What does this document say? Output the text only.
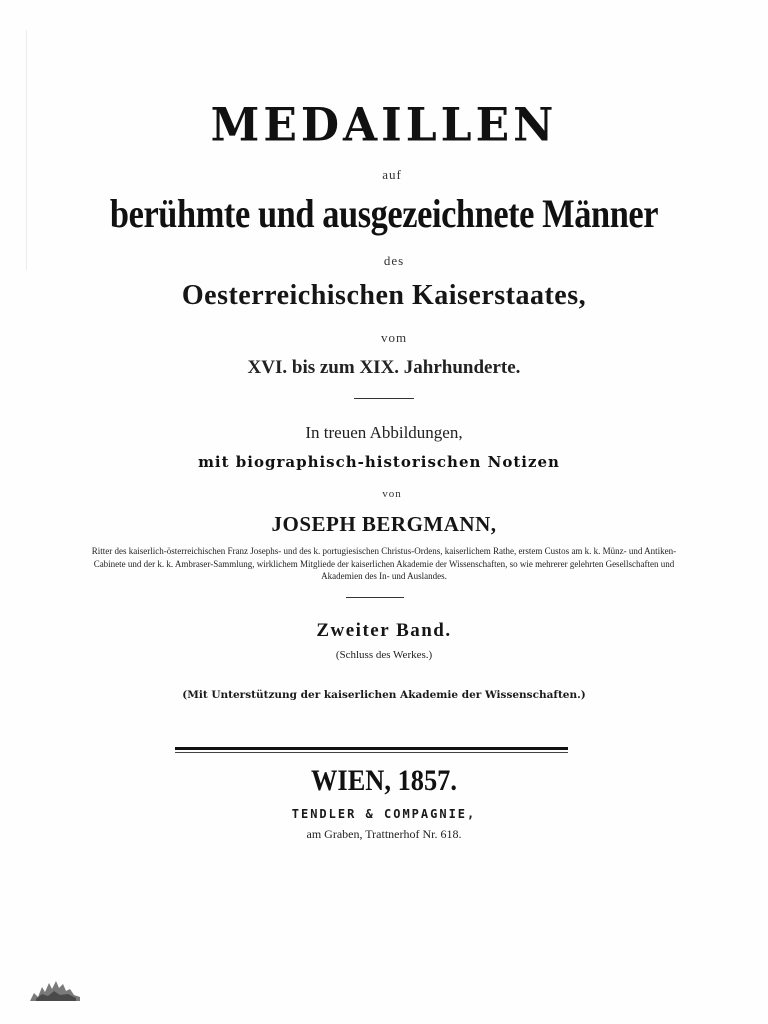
MEDAILLEN
auf
berühmte und ausgezeichnete Männer
des
Oesterreichischen Kaiserstaates,
vom
XVI. bis zum XIX. Jahrhunderte.
In treuen Abbildungen,
mit biographisch-historischen Notizen
von
JOSEPH BERGMANN,
Ritter des kaiserlich-österreichischen Franz Josephs- und des k. portugiesischen Christus-Ordens, kaiserlichem Rathe, erstem Custos am k. k. Münz- und Antiken-Cabinete und der k. k. Ambraser-Sammlung, wirklichem Mitgliede der kaiserlichen Akademie der Wissenschaften, so wie mehrerer gelehrten Gesellschaften und Akademien des In- und Auslandes.
Zweiter Band.
(Schluss des Werkes.)
(Mit Unterstützung der kaiserlichen Akademie der Wissenschaften.)
WIEN, 1857.
TENDLER & COMPAGNIE,
am Graben, Trattnerhof Nr. 618.
